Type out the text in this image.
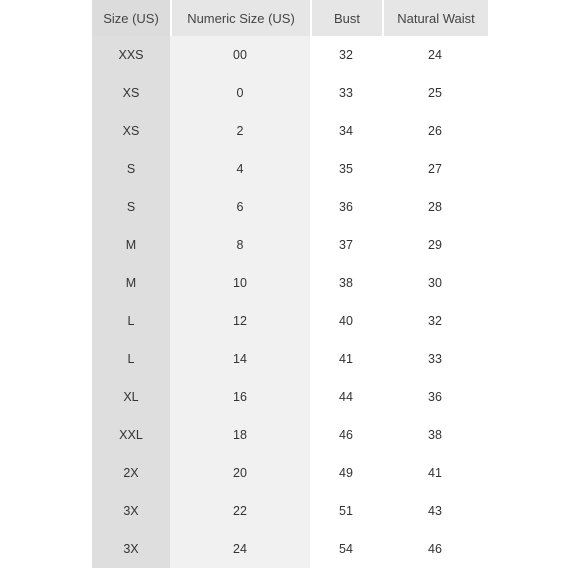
Size (US)	Numeric Size (US)	Bust	Natural Waist
XXS	00	32	24
XS	0	33	25
XS	2	34	26
S	4	35	27
S	6	36	28
M	8	37	29
M	10	38	30
L	12	40	32
L	14	41	33
XL	16	44	36
XXL	18	46	38
2X	20	49	41
3X	22	51	43
3X	24	54	46
